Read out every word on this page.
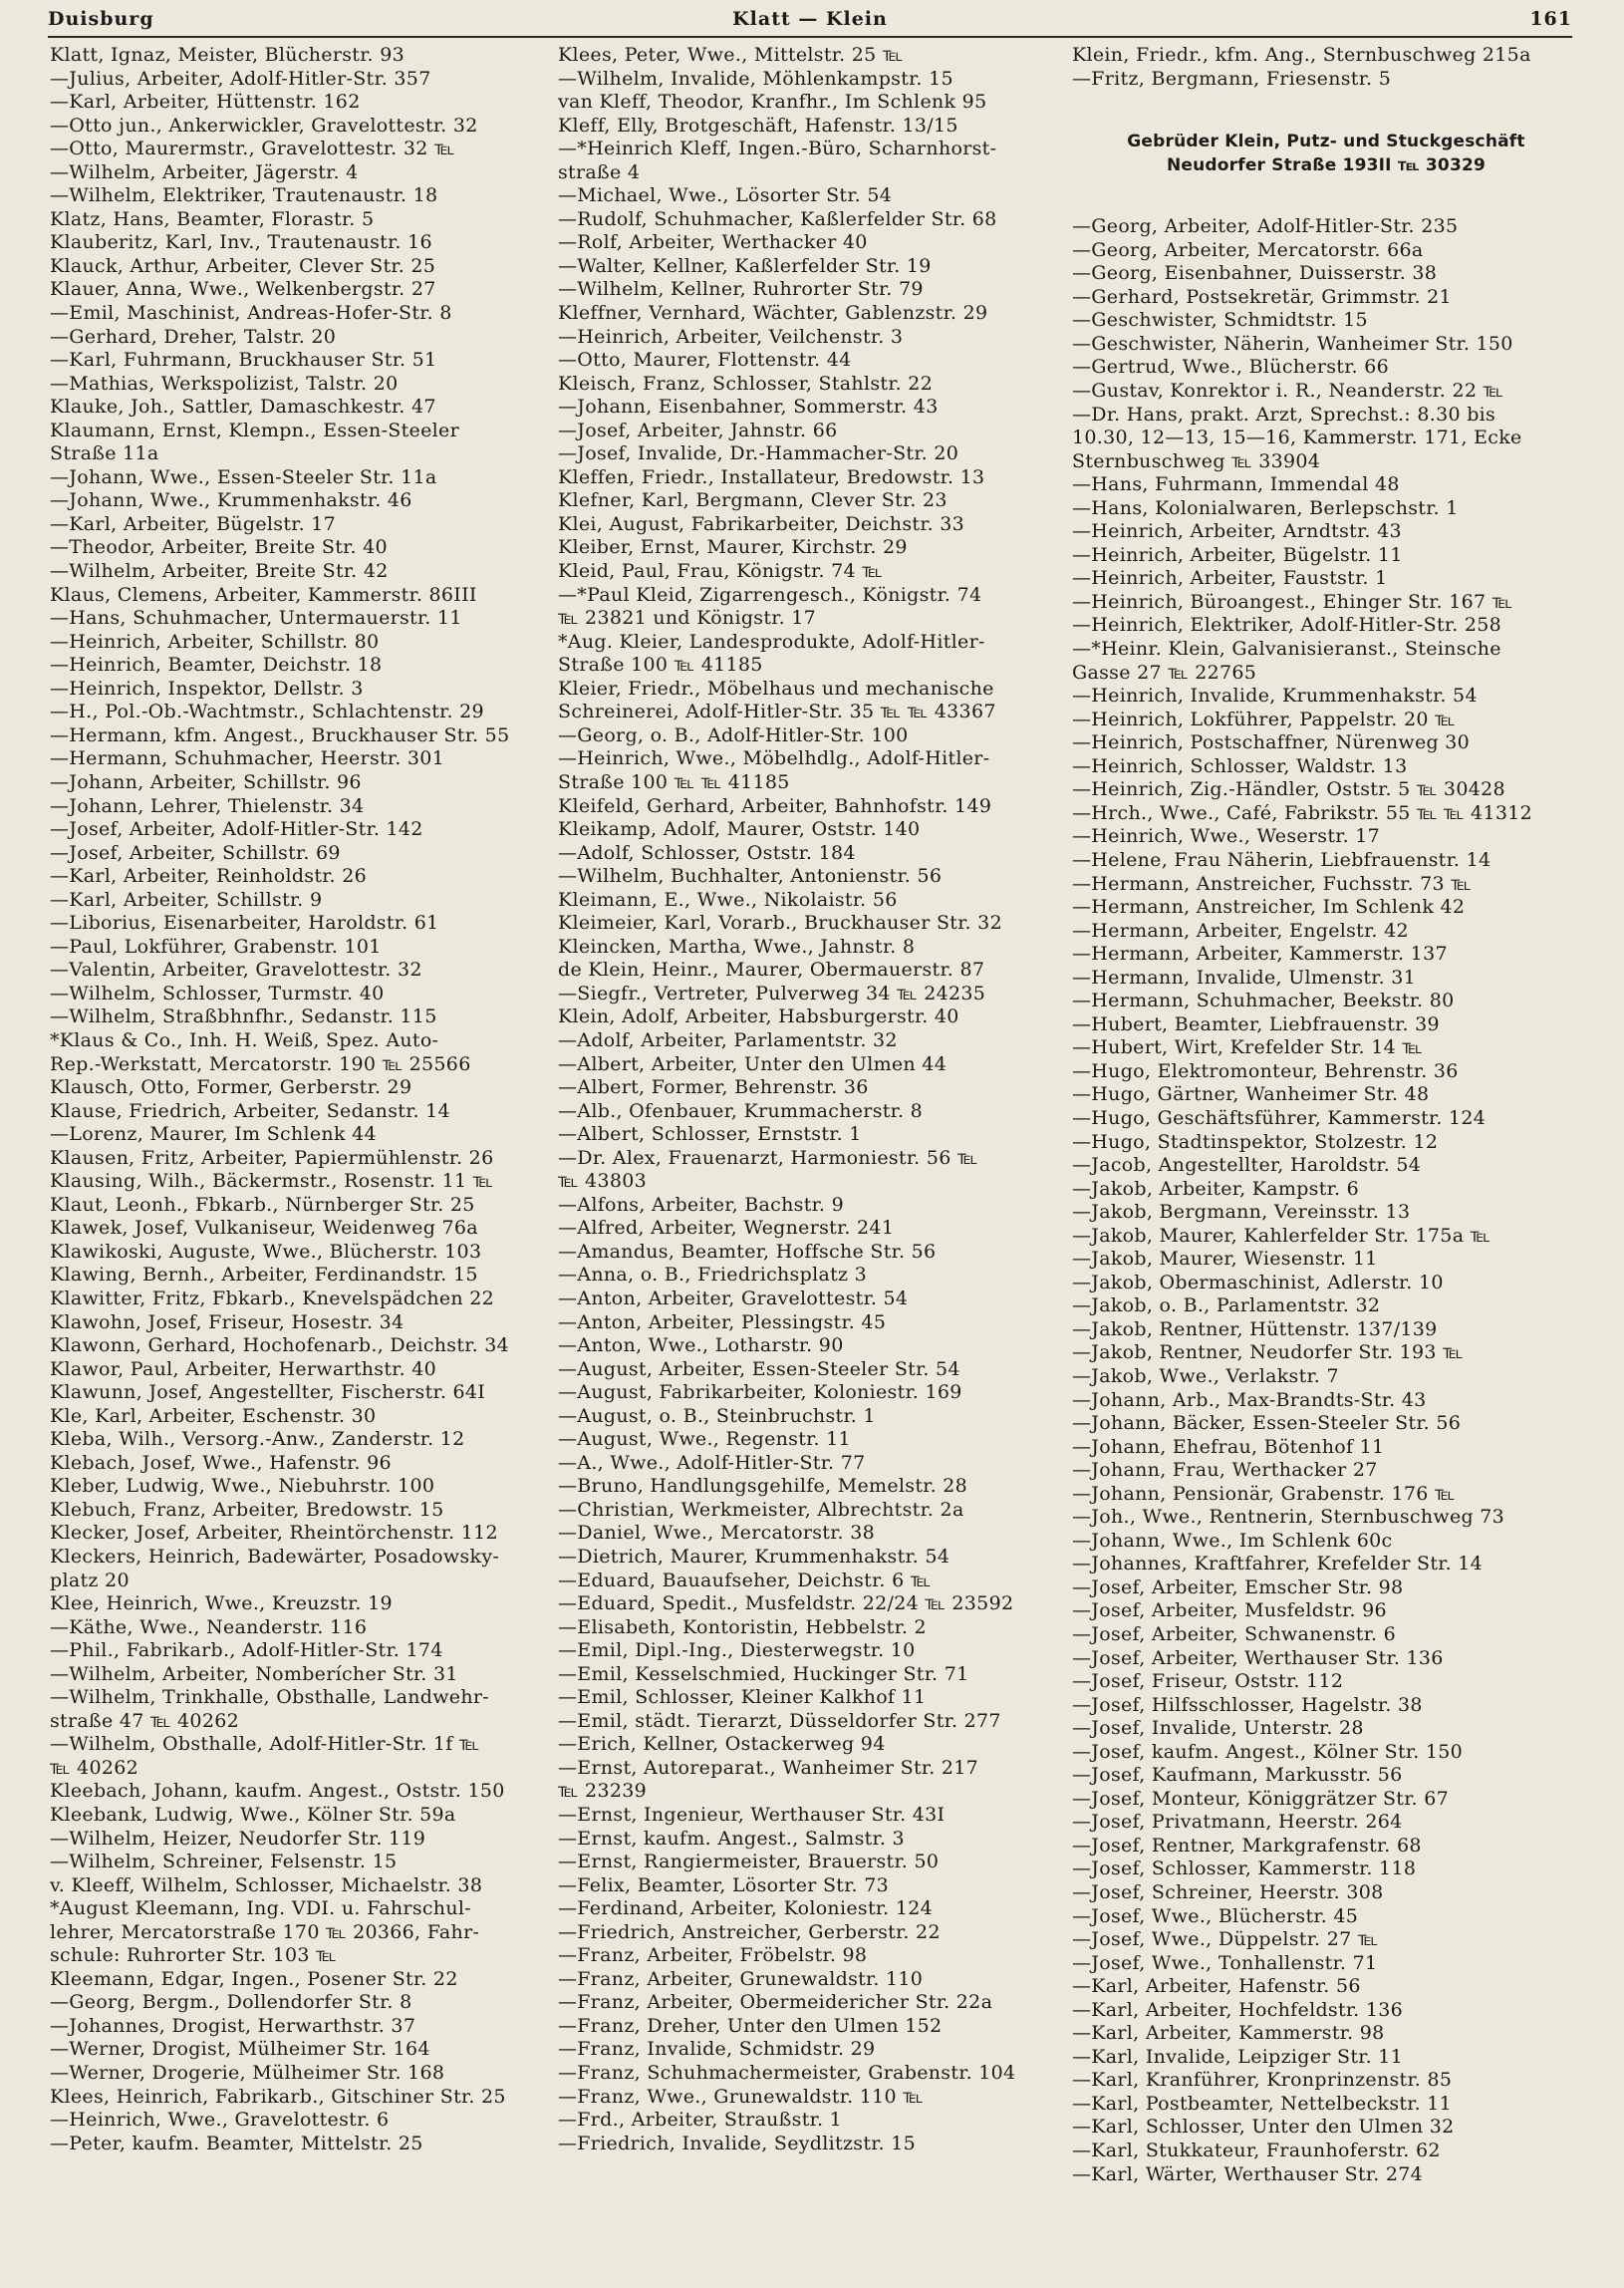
Duisburg	Klatt — Klein	161
Klatt, Ignaz, Meister, Blücherstr. 93
—Julius, Arbeiter, Adolf-Hitler-Str. 357
—Karl, Arbeiter, Hüttenstr. 162
—Otto jun., Ankerwickler, Gravelottestr. 32
—Otto, Maurermstr., Gravelottestr. 32 ℡
—Wilhelm, Arbeiter, Jägerstr. 4
—Wilhelm, Elektriker, Trautenaustr. 18
Klatz, Hans, Beamter, Florastr. 5
Klauberitz, Karl, Inv., Trautenaustr. 16
Klauck, Arthur, Arbeiter, Clever Str. 25
Klauer, Anna, Wwe., Welkenbergstr. 27
—Emil, Maschinist, Andreas-Hofer-Str. 8
—Gerhard, Dreher, Talstr. 20
—Karl, Fuhrmann, Bruckhauser Str. 51
—Mathias, Werkspolizist, Talstr. 20
Klauke, Joh., Sattler, Damaschkestr. 47
Klaumann, Ernst, Klempn., Essen-Steeler
Straße 11a
—Johann, Wwe., Essen-Steeler Str. 11a
—Johann, Wwe., Krummenhakstr. 46
—Karl, Arbeiter, Bügelstr. 17
—Theodor, Arbeiter, Breite Str. 40
—Wilhelm, Arbeiter, Breite Str. 42
Klaus, Clemens, Arbeiter, Kammerstr. 86III
—Hans, Schuhmacher, Untermauerstr. 11
—Heinrich, Arbeiter, Schillstr. 80
—Heinrich, Beamter, Deichstr. 18
—Heinrich, Inspektor, Dellstr. 3
—H., Pol.-Ob.-Wachtmstr., Schlachtenstr. 29
—Hermann, kfm. Angest., Bruckhauser Str. 55
—Hermann, Schuhmacher, Heerstr. 301
—Johann, Arbeiter, Schillstr. 96
—Johann, Lehrer, Thielenstr. 34
—Josef, Arbeiter, Adolf-Hitler-Str. 142
—Josef, Arbeiter, Schillstr. 69
—Karl, Arbeiter, Reinholdstr. 26
—Karl, Arbeiter, Schillstr. 9
—Liborius, Eisenarbeiter, Haroldstr. 61
—Paul, Lokführer, Grabenstr. 101
—Valentin, Arbeiter, Gravelottestr. 32
—Wilhelm, Schlosser, Turmstr. 40
—Wilhelm, Straßbhnfhr., Sedanstr. 115
*Klaus & Co., Inh. H. Weiß, Spez. Auto-
Rep.-Werkstatt, Mercatorstr. 190 ℡ 25566
Klausch, Otto, Former, Gerberstr. 29
Klause, Friedrich, Arbeiter, Sedanstr. 14
—Lorenz, Maurer, Im Schlenk 44
Klausen, Fritz, Arbeiter, Papiermühlenstr. 26
Klausing, Wilh., Bäckermstr., Rosenstr. 11 ℡
Klaut, Leonh., Fbkarb., Nürnberger Str. 25
Klawek, Josef, Vulkaniseur, Weidenweg 76a
Klawikoski, Auguste, Wwe., Blücherstr. 103
Klawing, Bernh., Arbeiter, Ferdinandstr. 15
Klawitter, Fritz, Fbkarb., Knevelspädchen 22
Klawohn, Josef, Friseur, Hosestr. 34
Klawonn, Gerhard, Hochofenarb., Deichstr. 34
Klawor, Paul, Arbeiter, Herwarthstr. 40
Klawunn, Josef, Angestellter, Fischerstr. 64I
Kle, Karl, Arbeiter, Eschenstr. 30
Kleba, Wilh., Versorg.-Anw., Zanderstr. 12
Klebach, Josef, Wwe., Hafenstr. 96
Kleber, Ludwig, Wwe., Niebuhrstr. 100
Klebuch, Franz, Arbeiter, Bredowstr. 15
Klecker, Josef, Arbeiter, Rheintörchenstr. 112
Kleckers, Heinrich, Badewärter, Posadowsky-
platz 20
Klee, Heinrich, Wwe., Kreuzstr. 19
—Käthe, Wwe., Neanderstr. 116
—Phil., Fabrikarb., Adolf-Hitler-Str. 174
—Wilhelm, Arbeiter, Nomberícher Str. 31
—Wilhelm, Trinkhalle, Obsthalle, Landwehr-
straße 47 ℡ 40262
—Wilhelm, Obsthalle, Adolf-Hitler-Str. 1f ℡
℡ 40262
Kleebach, Johann, kaufm. Angest., Oststr. 150
Kleebank, Ludwig, Wwe., Kölner Str. 59a
—Wilhelm, Heizer, Neudorfer Str. 119
—Wilhelm, Schreiner, Felsenstr. 15
v. Kleeff, Wilhelm, Schlosser, Michaelstr. 38
*August Kleemann, Ing. VDI. u. Fahrschul-
lehrer, Mercatorstraße 170 ℡ 20366, Fahr-
schule: Ruhrorter Str. 103 ℡
Kleemann, Edgar, Ingen., Posener Str. 22
—Georg, Bergm., Dollendorfer Str. 8
—Johannes, Drogist, Herwarthstr. 37
—Werner, Drogist, Mülheimer Str. 164
—Werner, Drogerie, Mülheimer Str. 168
Klees, Heinrich, Fabrikarb., Gitschiner Str. 25
—Heinrich, Wwe., Gravelottestr. 6
—Peter, kaufm. Beamter, Mittelstr. 25
Klees, Peter, Wwe., Mittelstr. 25 ℡
—Wilhelm, Invalide, Möhlenkampstr. 15
van Kleff, Theodor, Kranfhr., Im Schlenk 95
Kleff, Elly, Brotgeschäft, Hafenstr. 13/15
—*Heinrich Kleff, Ingen.-Büro, Scharnhorst-
straße 4
—Michael, Wwe., Lösorter Str. 54
—Rudolf, Schuhmacher, Kaßlerfelder Str. 68
—Rolf, Arbeiter, Werthacker 40
—Walter, Kellner, Kaßlerfelder Str. 19
—Wilhelm, Kellner, Ruhrorter Str. 79
Kleffner, Vernhard, Wächter, Gablenzstr. 29
—Heinrich, Arbeiter, Veilchenstr. 3
—Otto, Maurer, Flottenstr. 44
Kleisch, Franz, Schlosser, Stahlstr. 22
—Johann, Eisenbahner, Sommerstr. 43
—Josef, Arbeiter, Jahnstr. 66
—Josef, Invalide, Dr.-Hammacher-Str. 20
Kleffen, Friedr., Installateur, Bredowstr. 13
Klefner, Karl, Bergmann, Clever Str. 23
Klei, August, Fabrikarbeiter, Deichstr. 33
Kleiber, Ernst, Maurer, Kirchstr. 29
Kleid, Paul, Frau, Königstr. 74 ℡
—*Paul Kleid, Zigarrengesch., Königstr. 74
℡ 23821 und Königstr. 17
*Aug. Kleier, Landesprodukte, Adolf-Hitler-
Straße 100 ℡ 41185
Kleier, Friedr., Möbelhaus und mechanische
Schreinerei, Adolf-Hitler-Str. 35 ℡ ℡ 43367
—Georg, o. B., Adolf-Hitler-Str. 100
—Heinrich, Wwe., Möbelhdlg., Adolf-Hitler-
Straße 100 ℡ ℡ 41185
Kleifeld, Gerhard, Arbeiter, Bahnhofstr. 149
Kleikamp, Adolf, Maurer, Oststr. 140
—Adolf, Schlosser, Oststr. 184
—Wilhelm, Buchhalter, Antonienstr. 56
Kleimann, E., Wwe., Nikolaistr. 56
Kleimeier, Karl, Vorarb., Bruckhauser Str. 32
Kleincken, Martha, Wwe., Jahnstr. 8
de Klein, Heinr., Maurer, Obermauerstr. 87
—Siegfr., Vertreter, Pulverweg 34 ℡ 24235
Klein, Adolf, Arbeiter, Habsburgerstr. 40
—Adolf, Arbeiter, Parlamentstr. 32
—Albert, Arbeiter, Unter den Ulmen 44
—Albert, Former, Behrenstr. 36
—Alb., Ofenbauer, Krummacherstr. 8
—Albert, Schlosser, Ernststr. 1
—Dr. Alex, Frauenarzt, Harmoniestr. 56 ℡
℡ 43803
—Alfons, Arbeiter, Bachstr. 9
—Alfred, Arbeiter, Wegnerstr. 241
—Amandus, Beamter, Hoffsche Str. 56
—Anna, o. B., Friedrichsplatz 3
—Anton, Arbeiter, Gravelottestr. 54
—Anton, Arbeiter, Plessingstr. 45
—Anton, Wwe., Lotharstr. 90
—August, Arbeiter, Essen-Steeler Str. 54
—August, Fabrikarbeiter, Koloniestr. 169
—August, o. B., Steinbruchstr. 1
—August, Wwe., Regenstr. 11
—A., Wwe., Adolf-Hitler-Str. 77
—Bruno, Handlungsgehilfe, Memelstr. 28
—Christian, Werkmeister, Albrechtstr. 2a
—Daniel, Wwe., Mercatorstr. 38
—Dietrich, Maurer, Krummenhakstr. 54
—Eduard, Bauaufseher, Deichstr. 6 ℡
—Eduard, Spedit., Musfeldstr. 22/24 ℡ 23592
—Elisabeth, Kontoristin, Hebbelstr. 2
—Emil, Dipl.-Ing., Diesterwegstr. 10
—Emil, Kesselschmied, Huckinger Str. 71
—Emil, Schlosser, Kleiner Kalkhof 11
—Emil, städt. Tierarzt, Düsseldorfer Str. 277
—Erich, Kellner, Ostackerweg 94
—Ernst, Autoreparat., Wanheimer Str. 217
℡ 23239
—Ernst, Ingenieur, Werthauser Str. 43I
—Ernst, kaufm. Angest., Salmstr. 3
—Ernst, Rangiermeister, Brauerstr. 50
—Felix, Beamter, Lösorter Str. 73
—Ferdinand, Arbeiter, Koloniestr. 124
—Friedrich, Anstreicher, Gerberstr. 22
—Franz, Arbeiter, Fröbelstr. 98
—Franz, Arbeiter, Grunewaldstr. 110
—Franz, Arbeiter, Obermeidericher Str. 22a
—Franz, Dreher, Unter den Ulmen 152
—Franz, Invalide, Schmidstr. 29
—Franz, Schuhmachermeister, Grabenstr. 104
—Franz, Wwe., Grunewaldstr. 110 ℡
—Frd., Arbeiter, Straußstr. 1
—Friedrich, Invalide, Seydlitzstr. 15
Klein, Friedr., kfm. Ang., Sternbuschweg 215a
—Fritz, Bergmann, Friesenstr. 5
Gebrüder Klein, Putz- und Stuckgeschäft
Neudorfer Straße 193II ℡ 30329
—Georg, Arbeiter, Adolf-Hitler-Str. 235
—Georg, Arbeiter, Mercatorstr. 66a
—Georg, Eisenbahner, Duisserstr. 38
—Gerhard, Postsekretär, Grimmstr. 21
—Geschwister, Schmidtstr. 15
—Geschwister, Näherin, Wanheimer Str. 150
—Gertrud, Wwe., Blücherstr. 66
—Gustav, Konrektor i. R., Neanderstr. 22 ℡
—Dr. Hans, prakt. Arzt, Sprechst.: 8.30 bis
10.30, 12—13, 15—16, Kammerstr. 171, Ecke
Sternbuschweg ℡ 33904
—Hans, Fuhrmann, Immendal 48
—Hans, Kolonialwaren, Berlepschstr. 1
—Heinrich, Arbeiter, Arndtstr. 43
—Heinrich, Arbeiter, Bügelstr. 11
—Heinrich, Arbeiter, Fauststr. 1
—Heinrich, Büroangest., Ehinger Str. 167 ℡
—Heinrich, Elektriker, Adolf-Hitler-Str. 258
—*Heinr. Klein, Galvanisieranst., Steinsche
Gasse 27 ℡ 22765
—Heinrich, Invalide, Krummenhakstr. 54
—Heinrich, Lokführer, Pappelstr. 20 ℡
—Heinrich, Postschaffner, Nürenweg 30
—Heinrich, Schlosser, Waldstr. 13
—Heinrich, Zig.-Händler, Oststr. 5 ℡ 30428
—Hrch., Wwe., Café, Fabrikstr. 55 ℡ ℡ 41312
—Heinrich, Wwe., Weserstr. 17
—Helene, Frau Näherin, Liebfrauenstr. 14
—Hermann, Anstreicher, Fuchsstr. 73 ℡
—Hermann, Anstreicher, Im Schlenk 42
—Hermann, Arbeiter, Engelstr. 42
—Hermann, Arbeiter, Kammerstr. 137
—Hermann, Invalide, Ulmenstr. 31
—Hermann, Schuhmacher, Beekstr. 80
—Hubert, Beamter, Liebfrauenstr. 39
—Hubert, Wirt, Krefelder Str. 14 ℡
—Hugo, Elektromonteur, Behrenstr. 36
—Hugo, Gärtner, Wanheimer Str. 48
—Hugo, Geschäftsführer, Kammerstr. 124
—Hugo, Stadtinspektor, Stolzestr. 12
—Jacob, Angestellter, Haroldstr. 54
—Jakob, Arbeiter, Kampstr. 6
—Jakob, Bergmann, Vereinsstr. 13
—Jakob, Maurer, Kahlerfelder Str. 175a ℡
—Jakob, Maurer, Wiesenstr. 11
—Jakob, Obermaschinist, Adlerstr. 10
—Jakob, o. B., Parlamentstr. 32
—Jakob, Rentner, Hüttenstr. 137/139
—Jakob, Rentner, Neudorfer Str. 193 ℡
—Jakob, Wwe., Verlakstr. 7
—Johann, Arb., Max-Brandts-Str. 43
—Johann, Bäcker, Essen-Steeler Str. 56
—Johann, Ehefrau, Bötenhof 11
—Johann, Frau, Werthacker 27
—Johann, Pensionär, Grabenstr. 176 ℡
—Joh., Wwe., Rentnerin, Sternbuschweg 73
—Johann, Wwe., Im Schlenk 60c
—Johannes, Kraftfahrer, Krefelder Str. 14
—Josef, Arbeiter, Emscher Str. 98
—Josef, Arbeiter, Musfeldstr. 96
—Josef, Arbeiter, Schwanenstr. 6
—Josef, Arbeiter, Werthauser Str. 136
—Josef, Friseur, Oststr. 112
—Josef, Hilfsschlosser, Hagelstr. 38
—Josef, Invalide, Unterstr. 28
—Josef, kaufm. Angest., Kölner Str. 150
—Josef, Kaufmann, Markusstr. 56
—Josef, Monteur, Königgrätzer Str. 67
—Josef, Privatmann, Heerstr. 264
—Josef, Rentner, Markgrafenstr. 68
—Josef, Schlosser, Kammerstr. 118
—Josef, Schreiner, Heerstr. 308
—Josef, Wwe., Blücherstr. 45
—Josef, Wwe., Düppelstr. 27 ℡
—Josef, Wwe., Tonhallenstr. 71
—Karl, Arbeiter, Hafenstr. 56
—Karl, Arbeiter, Hochfeldstr. 136
—Karl, Arbeiter, Kammerstr. 98
—Karl, Invalide, Leipziger Str. 11
—Karl, Kranführer, Kronprinzenstr. 85
—Karl, Postbeamter, Nettelbeckstr. 11
—Karl, Schlosser, Unter den Ulmen 32
—Karl, Stukkateur, Fraunhoferstr. 62
—Karl, Wärter, Werthauser Str. 274
